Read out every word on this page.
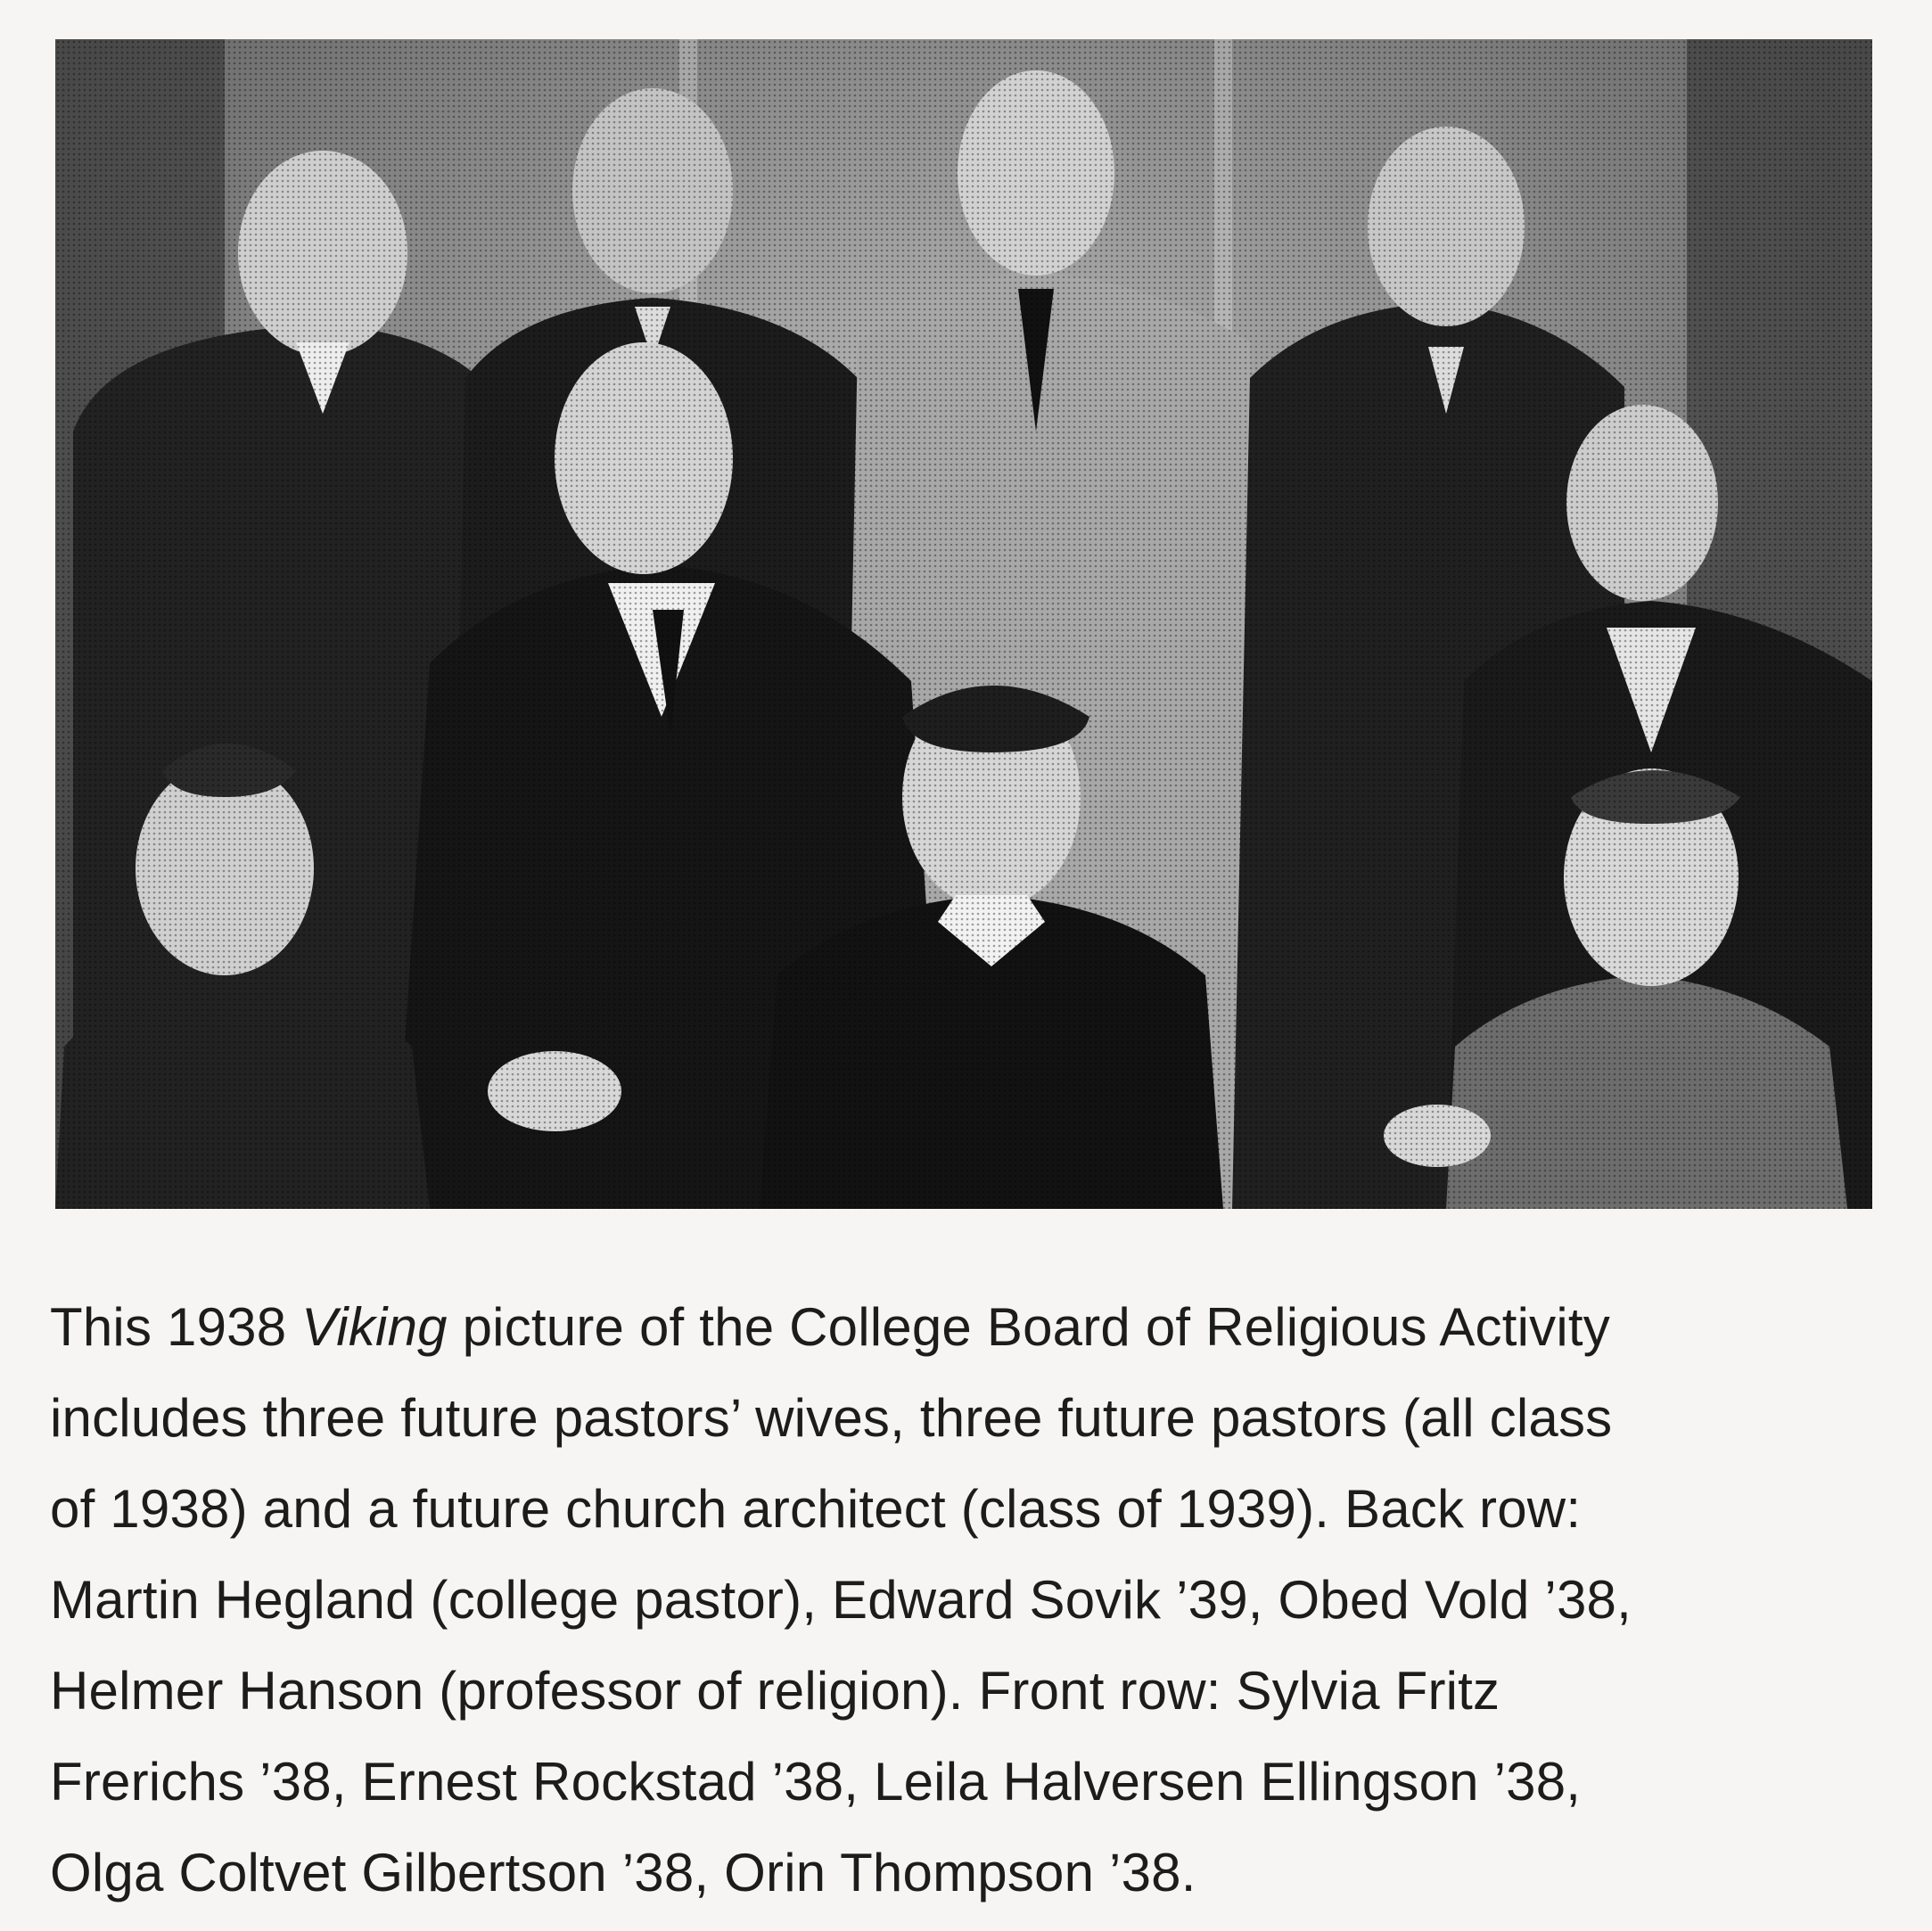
This 1938 Viking picture of the College Board of Religious Activity
includes three future pastors’ wives, three future pastors (all class
of 1938) and a future church architect (class of 1939). Back row:
Martin Hegland (college pastor), Edward Sovik ’39, Obed Vold ’38,
Helmer Hanson (professor of religion). Front row: Sylvia Fritz
Frerichs ’38, Ernest Rockstad ’38, Leila Halversen Ellingson ’38,
Olga Coltvet Gilbertson ’38, Orin Thompson ’38.
